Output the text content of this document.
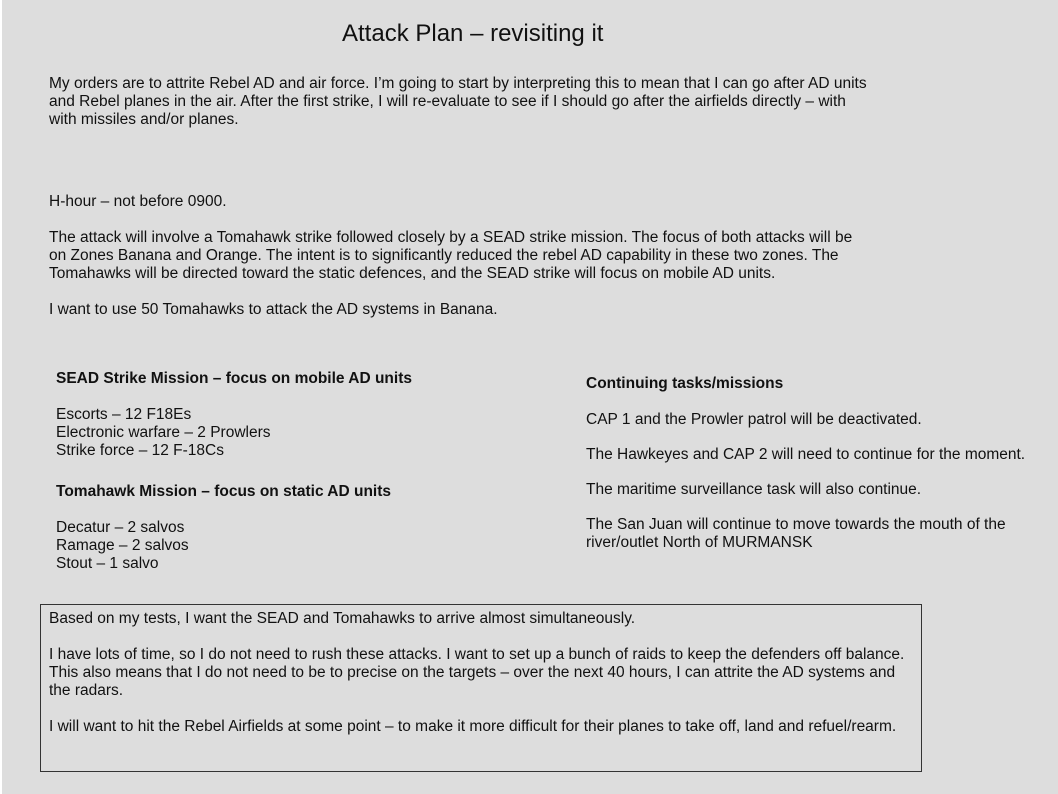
Attack Plan – revisiting it
My orders are to attrite Rebel AD and air force. I’m going to start by interpreting this to mean that I can go after AD units
and Rebel planes in the air. After the first strike, I will re-evaluate to see if I should go after the airfields directly – with
with missiles and/or planes.
H-hour – not before 0900.
The attack will involve a Tomahawk strike followed closely by a SEAD strike mission. The focus of both attacks will be
on Zones Banana and Orange. The intent is to significantly reduced the rebel AD capability in these two zones. The
Tomahawks will be directed toward the static defences, and the SEAD strike will focus on mobile AD units.
I want to use 50 Tomahawks to attack the AD systems in Banana.
SEAD Strike Mission – focus on mobile AD units
Escorts – 12 F18Es
Electronic warfare – 2 Prowlers
Strike force – 12 F-18Cs
Tomahawk Mission – focus on static AD units
Decatur – 2 salvos
Ramage – 2 salvos
Stout – 1 salvo
Continuing tasks/missions

CAP 1 and the Prowler patrol will be deactivated.

The Hawkeyes and CAP 2 will need to continue for the moment.

The maritime surveillance task will also continue.

The San Juan will continue to move towards the mouth of the river/outlet North of MURMANSK

Based on my tests, I want the SEAD and Tomahawks to arrive almost simultaneously.

I have lots of time, so I do not need to rush these attacks. I want to set up a bunch of raids to keep the defenders off balance. This also means that I do not need to be to precise on the targets – over the next 40 hours, I can attrite the AD systems and the radars.

I will want to hit the Rebel Airfields at some point – to make it more difficult for their planes to take off, land and refuel/rearm.
